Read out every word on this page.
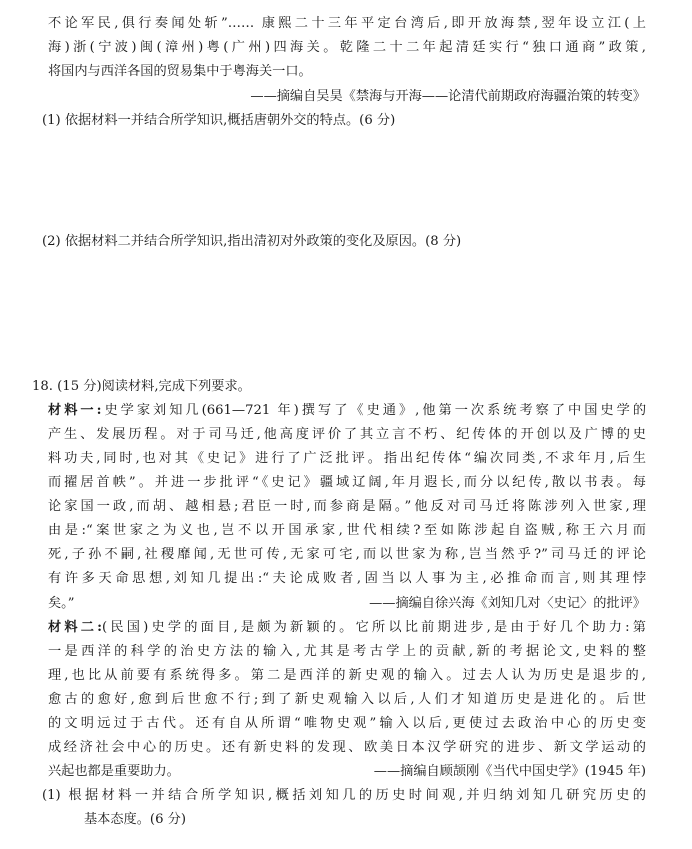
不论军民,俱行奏闻处斩”…… 康熙二十三年平定台湾后,即开放海禁,翌年设立江(上
海)浙(宁波)闽(漳州)粤(广州)四海关。乾隆二十二年起清廷实行“独口通商”政策,
将国内与西洋各国的贸易集中于粤海关一口。
——摘编自吴昊《禁海与开海——论清代前期政府海疆治策的转变》
(1) 依据材料一并结合所学知识,概括唐朝外交的特点。(6 分)
(2) 依据材料二并结合所学知识,指出清初对外政策的变化及原因。(8 分)
18. (15 分)阅读材料,完成下列要求。
材料一:史学家刘知几(661—721 年)撰写了《史通》,他第一次系统考察了中国史学的
产生、发展历程。对于司马迁,他高度评价了其立言不朽、纪传体的开创以及广博的史
料功夫,同时,也对其《史记》进行了广泛批评。指出纪传体“编次同类,不求年月,后生
而擢居首帙”。并进一步批评“《史记》疆域辽阔,年月遐长,而分以纪传,散以书表。每
论家国一政,而胡、越相悬;君臣一时,而参商是隔。”他反对司马迁将陈涉列入世家,理
由是:“案世家之为义也,岂不以开国承家,世代相续?至如陈涉起自盗贼,称王六月而
死,子孙不嗣,社稷靡闻,无世可传,无家可宅,而以世家为称,岂当然乎?”司马迁的评论
有许多天命思想,刘知几提出:“夫论成败者,固当以人事为主,必推命而言,则其理悖
矣。”	——摘编自徐兴海《刘知几对〈史记〉的批评》
材料二:(民国)史学的面目,是颇为新颖的。它所以比前期进步,是由于好几个助力:第
一是西洋的科学的治史方法的输入,尤其是考古学上的贡献,新的考据论文,史料的整
理,也比从前要有系统得多。第二是西洋的新史观的输入。过去人认为历史是退步的,
愈古的愈好,愈到后世愈不行;到了新史观输入以后,人们才知道历史是进化的。后世
的文明远过于古代。还有自从所谓“唯物史观”输入以后,更使过去政治中心的历史变
成经济社会中心的历史。还有新史料的发现、欧美日本汉学研究的进步、新文学运动的
兴起也都是重要助力。	——摘编自顾颉刚《当代中国史学》(1945 年)
(1) 根据材料一并结合所学知识,概括刘知几的历史时间观,并归纳刘知几研究历史的
基本态度。(6 分)
